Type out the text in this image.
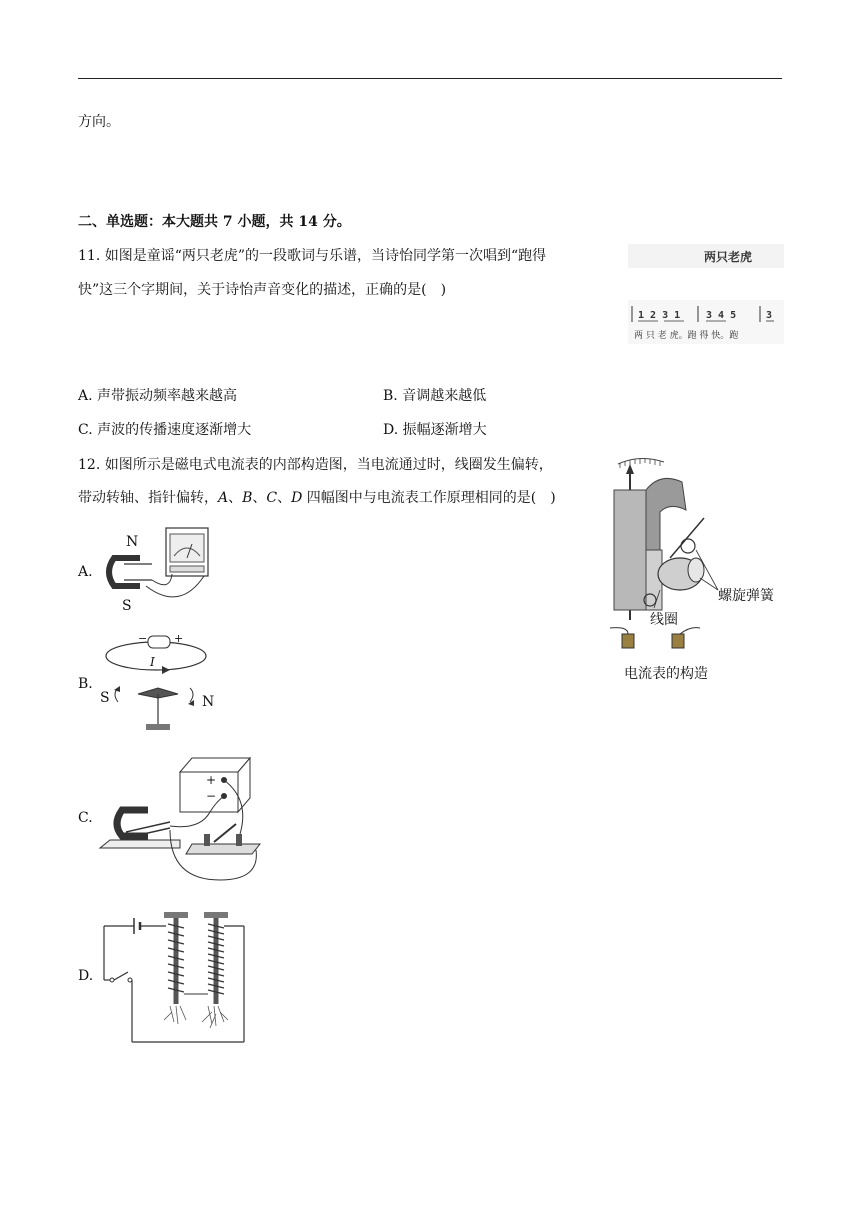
方向。
二、单选题：本大题共 7 小题，共 14 分。
11. 如图是童谣“两只老虎”的一段歌词与乐谱，当诗怡同学第一次唱到“跑得
快”这三个字期间，关于诗怡声音变化的描述，正确的是(　)
两只老虎
1 2 3 1	3 4 5	3
两 只 老 虎。跑 得 快。跑
A. 声带振动频率越来越高	B. 音调越来越低
C. 声波的传播速度逐渐增大	D. 振幅逐渐增大
12. 如图所示是磁电式电流表的内部构造图，当电流通过时，线圈发生偏转，
带动转轴、指针偏转，𝐴、𝐵、𝐶、𝐷 四幅图中与电流表工作原理相同的是(　)
螺旋弹簧
线圈
电流表的构造
A.
N
S
B.
− +
I
S	N
C.
+
−
D.
